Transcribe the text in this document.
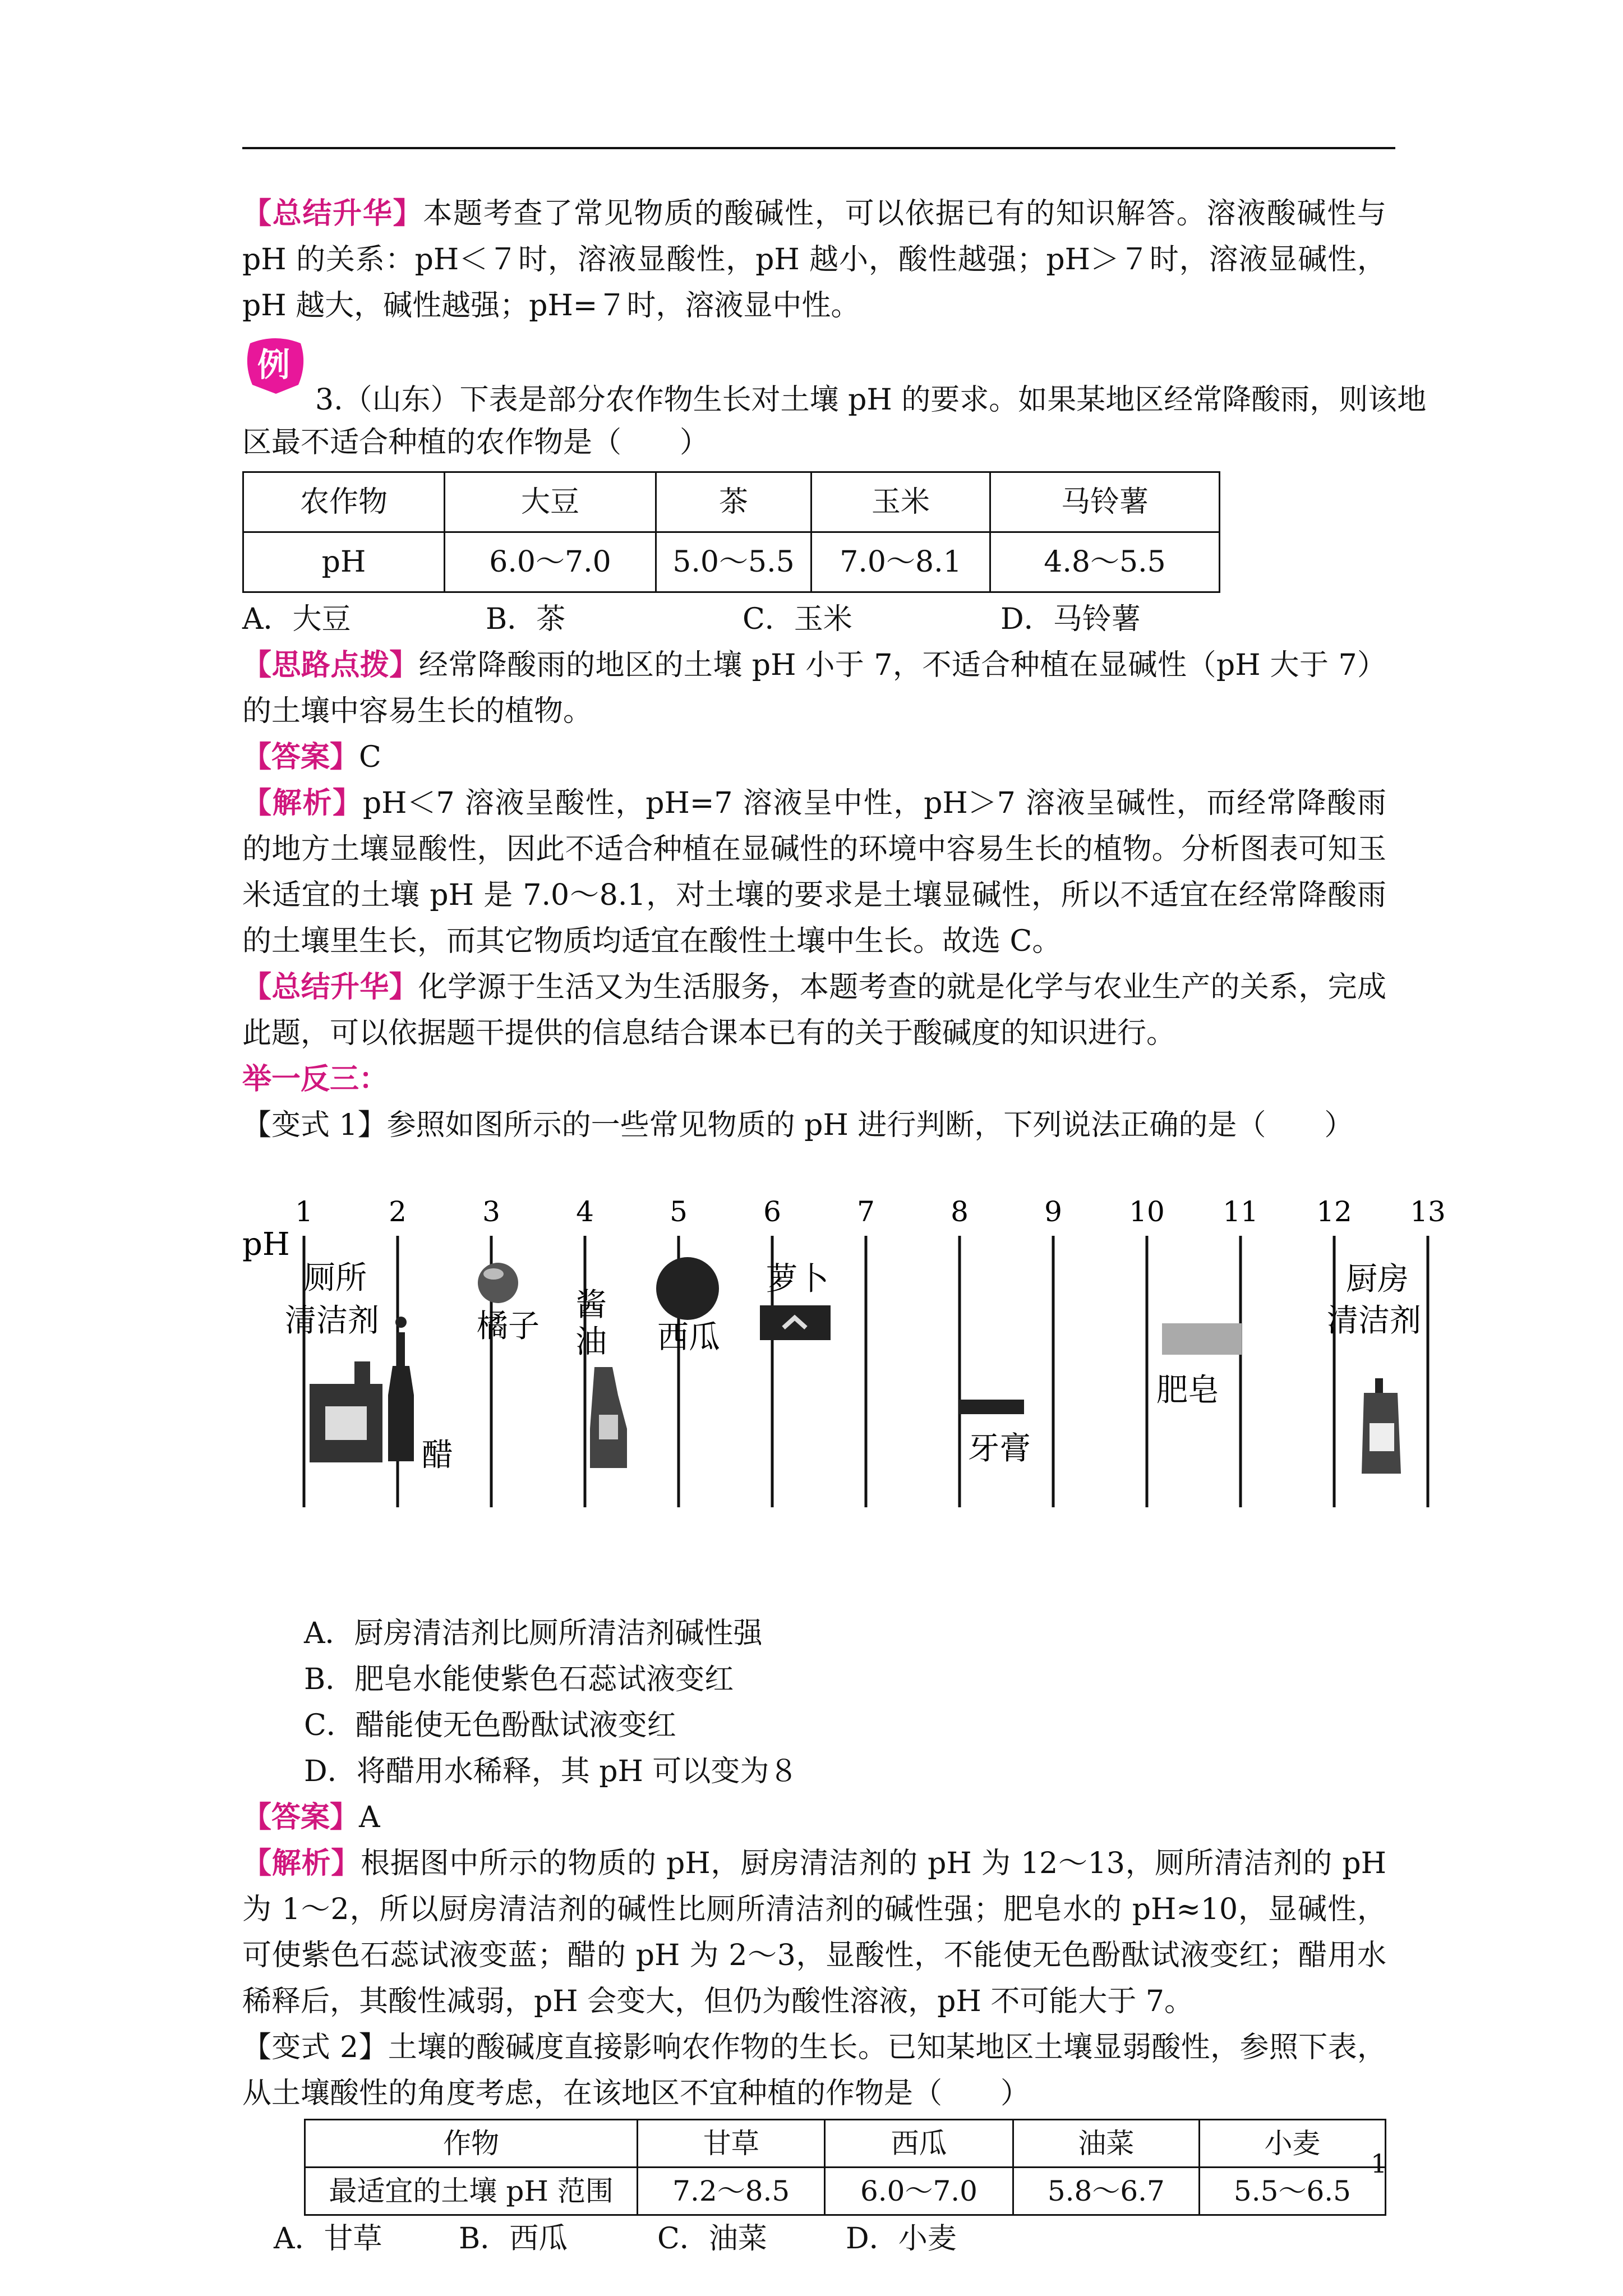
【总结升华】本题考查了常见物质的酸碱性，可以依据已有的知识解答。溶液酸碱性与 pH 的关系：pH＜７时，溶液显酸性，pH 越小，酸性越强；pH＞７时，溶液显碱性，pH 越大，碱性越强；pH=７时，溶液显中性。

例
3.（山东）下表是部分农作物生长对土壤 pH 的要求。如果某地区经常降酸雨，则该地

区最不适合种植的农作物是（　　）

农作物	大豆	茶	玉米	马铃薯
pH	6.0～7.0	5.0～5.5	7.0～8.1	4.8～5.5
A．大豆	B．茶	C．玉米	D．马铃薯

【思路点拨】经常降酸雨的地区的土壤 pH 小于 7，不适合种植在显碱性（pH 大于 7）的土壤中容易生长的植物。

【答案】C

【解析】pH＜7 溶液呈酸性，pH=7 溶液呈中性，pH＞7 溶液呈碱性，而经常降酸雨的地方土壤显酸性，因此不适合种植在显碱性的环境中容易生长的植物。分析图表可知玉米适宜的土壤 pH 是 7.0～8.1，对土壤的要求是土壤显碱性，所以不适宜在经常降酸雨的土壤里生长，而其它物质均适宜在酸性土壤中生长。故选 C。

【总结升华】化学源于生活又为生活服务，本题考查的就是化学与农业生产的关系，完成此题，可以依据题干提供的信息结合课本已有的关于酸碱度的知识进行。

举一反三：

【变式 1】参照如图所示的一些常见物质的 pH 进行判断，下列说法正确的是（　　）

pH
1	2	3	4	5	6	7	8	9 10 11 12 13
厕所
清洁剂
醋
橘子
酱
油 西瓜
萝卜
牙膏
肥皂
厨房
清洁剂

A．厨房清洁剂比厕所清洁剂碱性强

B．肥皂水能使紫色石蕊试液变红

C．醋能使无色酚酞试液变红

D．将醋用水稀释，其 pH 可以变为８

【答案】A

【解析】根据图中所示的物质的 pH，厨房清洁剂的 pH 为 12～13，厕所清洁剂的 pH 为 1～2，所以厨房清洁剂的碱性比厕所清洁剂的碱性强；肥皂水的 pH≈10，显碱性，可使紫色石蕊试液变蓝；醋的 pH 为 2～3，显酸性，不能使无色酚酞试液变红；醋用水稀释后，其酸性减弱，pH 会变大，但仍为酸性溶液，pH 不可能大于 7。

【变式 2】土壤的酸碱度直接影响农作物的生长。已知某地区土壤显弱酸性，参照下表，从土壤酸性的角度考虑，在该地区不宜种植的作物是（　　）

作物	甘草	西瓜	油菜	小麦
最适宜的土壤 pH 范围	7.2～8.5	6.0～7.0	5.8～6.7	5.5～6.5
A．甘草	B．西瓜	C．油菜	D．小麦
1
